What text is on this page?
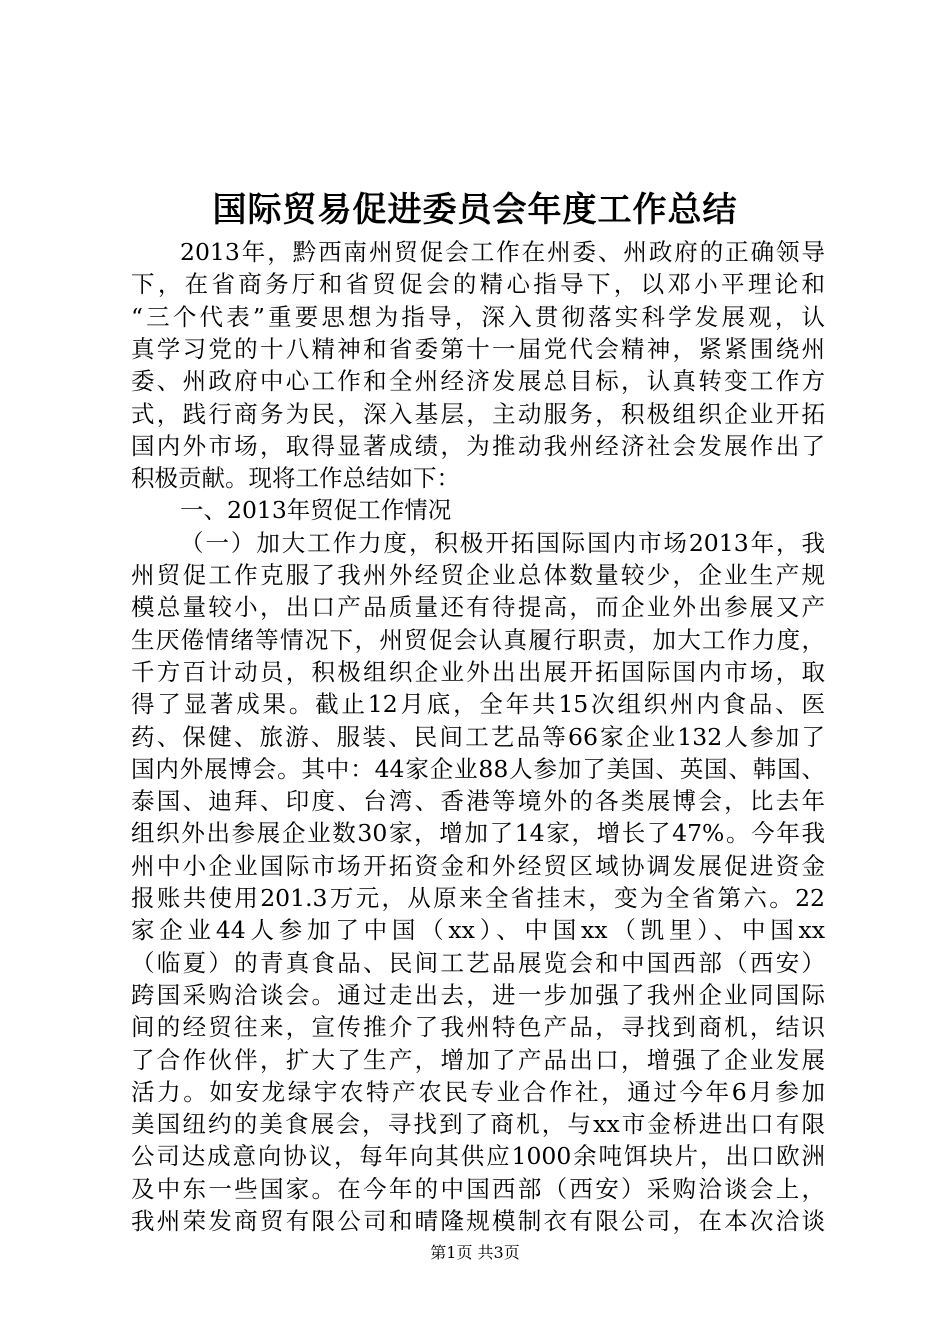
国际贸易促进委员会年度工作总结
2013年，黔西南州贸促会工作在州委、州政府的正确领导
下，在省商务厅和省贸促会的精心指导下，以邓小平理论和
“三个代表”重要思想为指导，深入贯彻落实科学发展观，认
真学习党的十八精神和省委第十一届党代会精神，紧紧围绕州
委、州政府中心工作和全州经济发展总目标，认真转变工作方
式，践行商务为民，深入基层，主动服务，积极组织企业开拓
国内外市场，取得显著成绩，为推动我州经济社会发展作出了
积极贡献。现将工作总结如下：
一、2013年贸促工作情况
（一）加大工作力度，积极开拓国际国内市场2013年，我
州贸促工作克服了我州外经贸企业总体数量较少，企业生产规
模总量较小，出口产品质量还有待提高，而企业外出参展又产
生厌倦情绪等情况下，州贸促会认真履行职责，加大工作力度，
千方百计动员，积极组织企业外出出展开拓国际国内市场，取
得了显著成果。截止12月底，全年共15次组织州内食品、医
药、保健、旅游、服装、民间工艺品等66家企业132人参加了
国内外展博会。其中：44家企业88人参加了美国、英国、韩国、
泰国、迪拜、印度、台湾、香港等境外的各类展博会，比去年
组织外出参展企业数30家，增加了14家，增长了47%。今年我
州中小企业国际市场开拓资金和外经贸区域协调发展促进资金
报账共使用201.3万元，从原来全省挂末，变为全省第六。22
家企业44人参加了中国（xx）、中国xx（凯里）、中国xx
（临夏）的青真食品、民间工艺品展览会和中国西部（西安）
跨国采购洽谈会。通过走出去，进一步加强了我州企业同国际
间的经贸往来，宣传推介了我州特色产品，寻找到商机，结识
了合作伙伴，扩大了生产，增加了产品出口，增强了企业发展
活力。如安龙绿宇农特产农民专业合作社，通过今年6月参加
美国纽约的美食展会，寻找到了商机，与xx市金桥进出口有限
公司达成意向协议，每年向其供应1000余吨饵块片，出口欧洲
及中东一些国家。在今年的中国西部（西安）采购洽谈会上，
我州荣发商贸有限公司和晴隆规模制衣有限公司，在本次洽谈
第1页 共3页
